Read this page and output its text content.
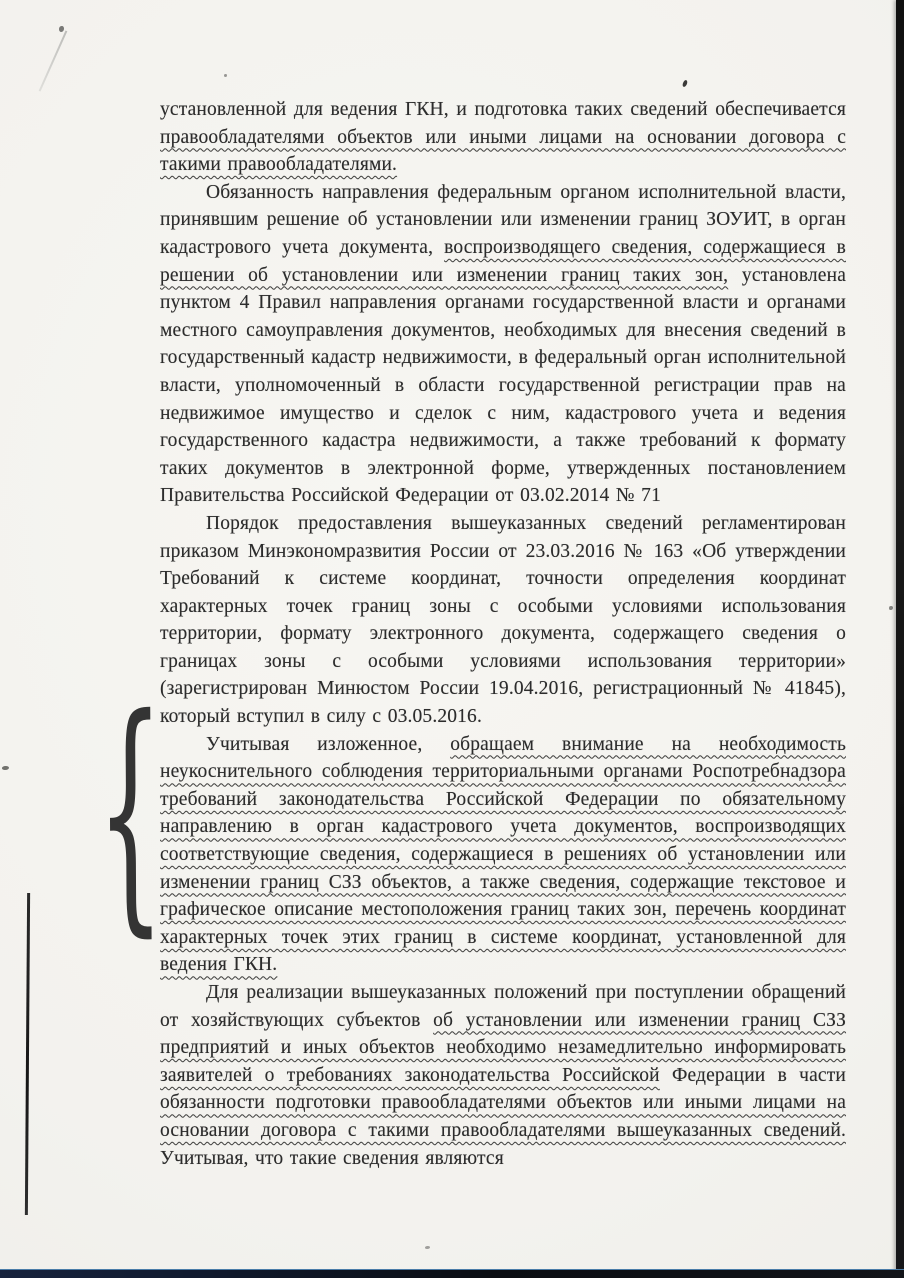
установленной для ведения ГКН, и подготовка таких сведений обеспечивается правообладателями объектов или иными лицами на основании договора с такими правообладателями.

Обязанность направления федеральным органом исполнительной власти, принявшим решение об установлении или изменении границ ЗОУИТ, в орган кадастрового учета документа, воспроизводящего сведения, содержащиеся в решении об установлении или изменении границ таких зон, установлена пунктом 4 Правил направления органами государственной власти и органами местного самоуправления документов, необходимых для внесения сведений в государственный кадастр недвижимости, в федеральный орган исполнительной власти, уполномоченный в области государственной регистрации прав на недвижимое имущество и сделок с ним, кадастрового учета и ведения государственного кадастра недвижимости, а также требований к формату таких документов в электронной форме, утвержденных постановлением Правительства Российской Федерации от 03.02.2014 № 71

Порядок предоставления вышеуказанных сведений регламентирован приказом Минэкономразвития России от 23.03.2016 № 163 «Об утверждении Требований к системе координат, точности определения координат характерных точек границ зоны с особыми условиями использования территории, формату электронного документа, содержащего сведения о границах зоны с особыми условиями использования территории» (зарегистрирован Минюстом России 19.04.2016, регистрационный № 41845), который вступил в силу с 03.05.2016.

Учитывая изложенное, обращаем внимание на необходимость неукоснительного соблюдения территориальными органами Роспотребнадзора требований законодательства Российской Федерации по обязательному направлению в орган кадастрового учета документов, воспроизводящих соответствующие сведения, содержащиеся в решениях об установлении или изменении границ СЗЗ объектов, а также сведения, содержащие текстовое и графическое описание местоположения границ таких зон, перечень координат характерных точек этих границ в системе координат, установленной для ведения ГКН.

Для реализации вышеуказанных положений при поступлении обращений от хозяйствующих субъектов об установлении или изменении границ СЗЗ предприятий и иных объектов необходимо незамедлительно информировать заявителей о требованиях законодательства Российской Федерации в части обязанности подготовки правообладателями объектов или иными лицами на основании договора с такими правообладателями вышеуказанных сведений. Учитывая, что такие сведения являются

{
